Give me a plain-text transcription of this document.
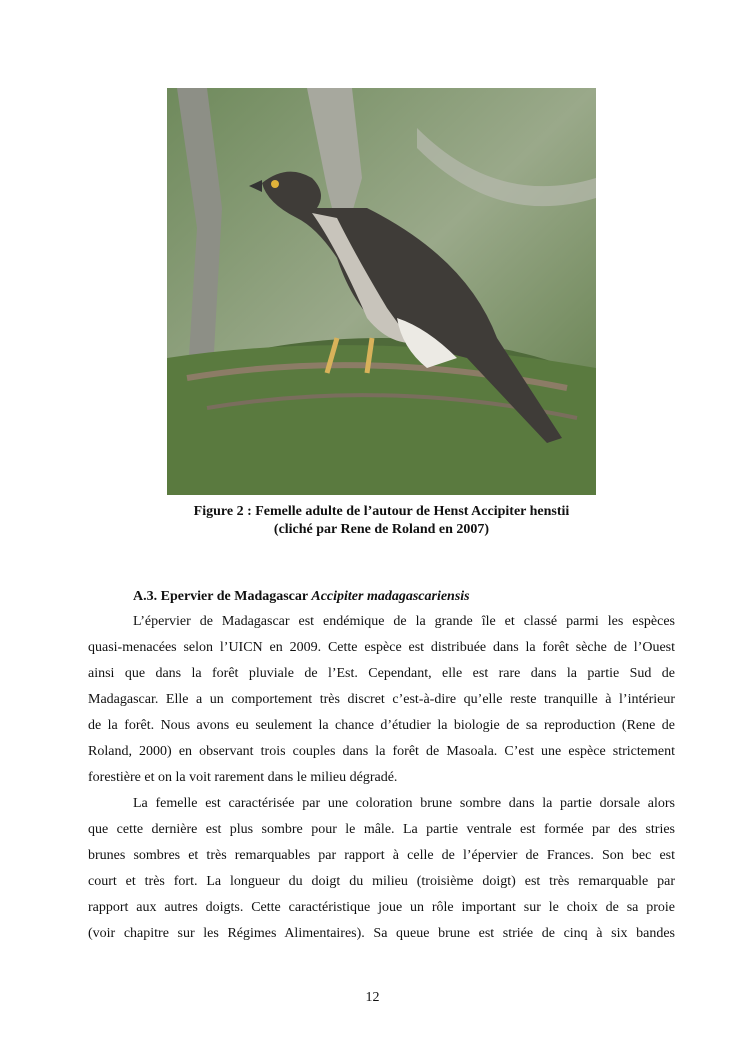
Figure 2 : Femelle adulte de l’autour de Henst Accipiter henstii
(cliché par Rene de Roland en 2007)
A.3. Epervier de Madagascar Accipiter madagascariensis
L’épervier de Madagascar est endémique de la grande île et classé parmi les espèces
quasi-menacées selon l’UICN en 2009. Cette espèce est distribuée dans la forêt sèche de l’Ouest
ainsi que dans la forêt pluviale de l’Est. Cependant, elle est rare dans la partie Sud de
Madagascar. Elle a un comportement très discret c’est-à-dire qu’elle reste tranquille à l’intérieur
de la forêt. Nous avons eu seulement la chance d’étudier la biologie de sa reproduction (Rene de
Roland, 2000) en observant trois couples dans la forêt de Masoala. C’est une espèce strictement
forestière et on la voit rarement dans le milieu dégradé.
La femelle est caractérisée par une coloration brune sombre dans la partie dorsale alors
que cette dernière est plus sombre pour le mâle. La partie ventrale est formée par des stries
brunes sombres et très remarquables par rapport à celle de l’épervier de Frances. Son bec est
court et très fort. La longueur du doigt du milieu (troisième doigt) est très remarquable par
rapport aux autres doigts. Cette caractéristique joue un rôle important sur le choix de sa proie
(voir chapitre sur les Régimes Alimentaires). Sa queue brune est striée de cinq à six bandes
12
